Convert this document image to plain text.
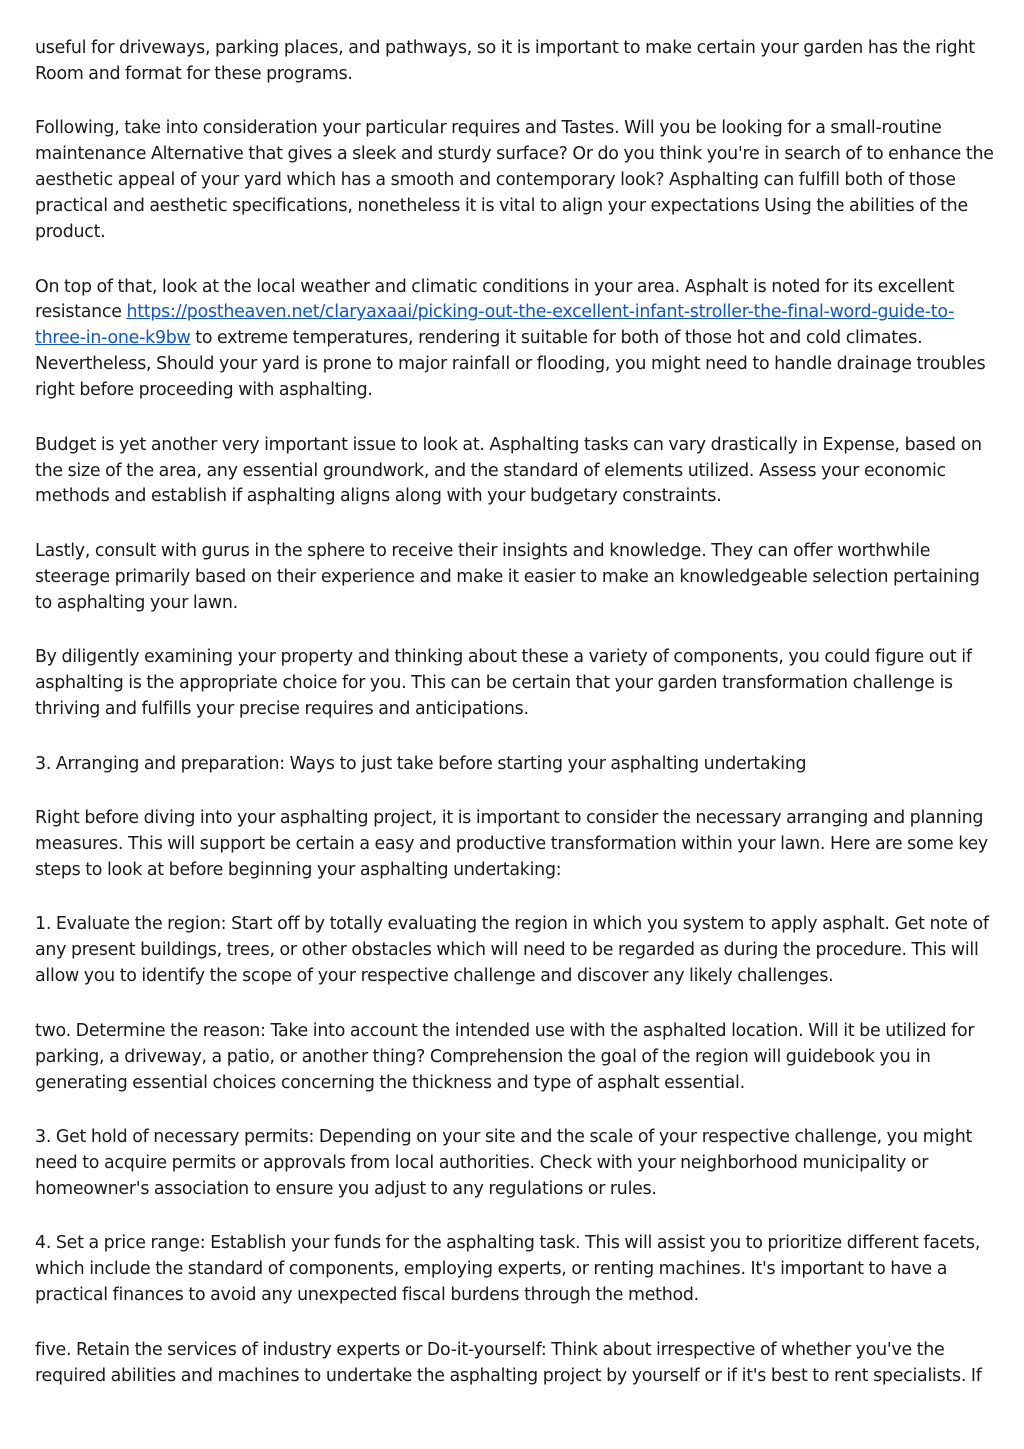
useful for driveways, parking places, and pathways, so it is important to make certain your garden has the right Room and format for these programs.

Following, take into consideration your particular requires and Tastes. Will you be looking for a small-routine maintenance Alternative that gives a sleek and sturdy surface? Or do you think you're in search of to enhance the aesthetic appeal of your yard which has a smooth and contemporary look? Asphalting can fulfill both of those practical and aesthetic specifications, nonetheless it is vital to align your expectations Using the abilities of the product.

On top of that, look at the local weather and climatic conditions in your area. Asphalt is noted for its excellent resistance https://postheaven.net/claryaxaai/picking-out-the-excellent-infant-stroller-the-final-word-guide-to-three-in-one-k9bw to extreme temperatures, rendering it suitable for both of those hot and cold climates. Nevertheless, Should your yard is prone to major rainfall or flooding, you might need to handle drainage troubles right before proceeding with asphalting.

Budget is yet another very important issue to look at. Asphalting tasks can vary drastically in Expense, based on the size of the area, any essential groundwork, and the standard of elements utilized. Assess your economic methods and establish if asphalting aligns along with your budgetary constraints.

Lastly, consult with gurus in the sphere to receive their insights and knowledge. They can offer worthwhile steerage primarily based on their experience and make it easier to make an knowledgeable selection pertaining to asphalting your lawn.

By diligently examining your property and thinking about these a variety of components, you could figure out if asphalting is the appropriate choice for you. This can be certain that your garden transformation challenge is thriving and fulfills your precise requires and anticipations.

3. Arranging and preparation: Ways to just take before starting your asphalting undertaking

Right before diving into your asphalting project, it is important to consider the necessary arranging and planning measures. This will support be certain a easy and productive transformation within your lawn. Here are some key steps to look at before beginning your asphalting undertaking:

1. Evaluate the region: Start off by totally evaluating the region in which you system to apply asphalt. Get note of any present buildings, trees, or other obstacles which will need to be regarded as during the procedure. This will allow you to identify the scope of your respective challenge and discover any likely challenges.

two. Determine the reason: Take into account the intended use with the asphalted location. Will it be utilized for parking, a driveway, a patio, or another thing? Comprehension the goal of the region will guidebook you in generating essential choices concerning the thickness and type of asphalt essential.

3. Get hold of necessary permits: Depending on your site and the scale of your respective challenge, you might need to acquire permits or approvals from local authorities. Check with your neighborhood municipality or homeowner's association to ensure you adjust to any regulations or rules.

4. Set a price range: Establish your funds for the asphalting task. This will assist you to prioritize different facets, which include the standard of components, employing experts, or renting machines. It's important to have a practical finances to avoid any unexpected fiscal burdens through the method.

five. Retain the services of industry experts or Do-it-yourself: Think about irrespective of whether you've the required abilities and machines to undertake the asphalting project by yourself or if it's best to rent specialists. If
